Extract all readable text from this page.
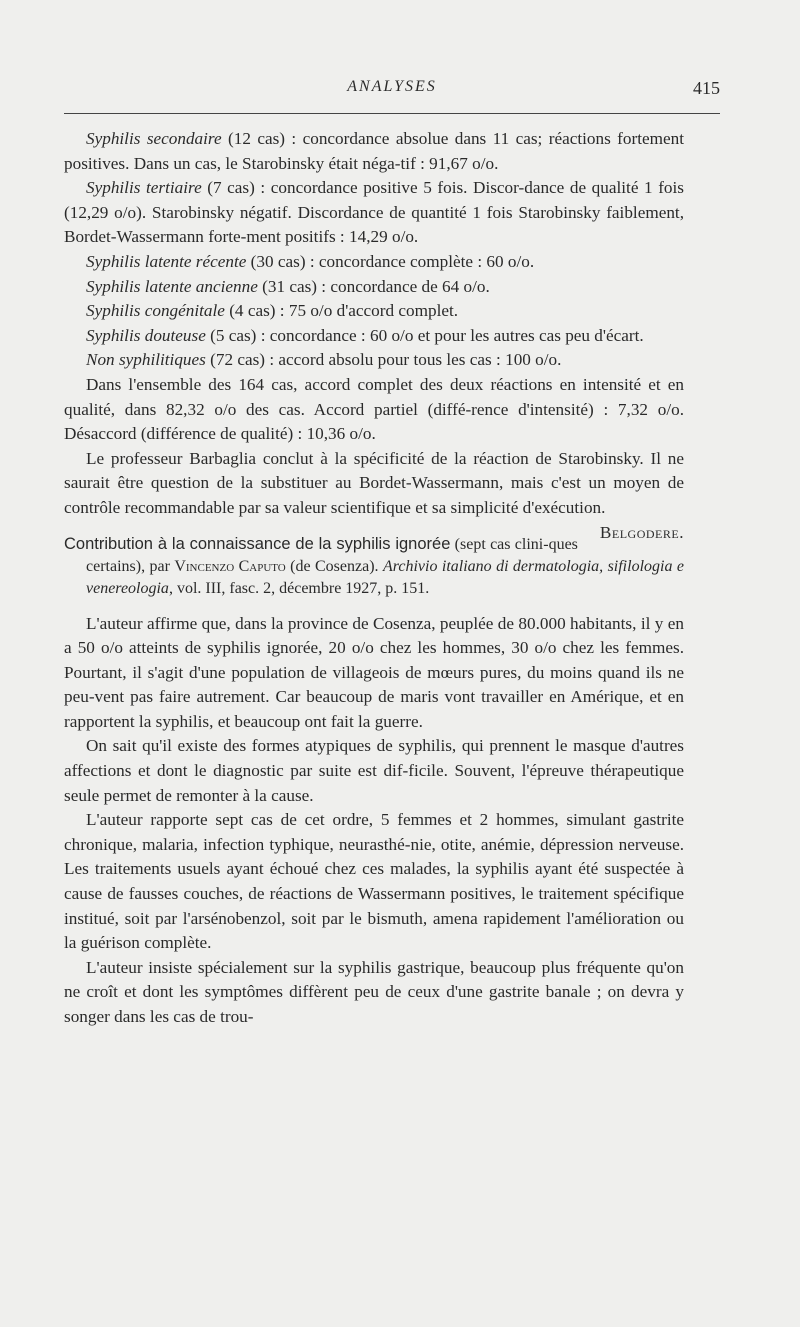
ANALYSES	415

Syphilis secondaire (12 cas) : concordance absolue dans 11 cas; réactions fortement positives. Dans un cas, le Starobinsky était néga-tif : 91,67 o/o.

Syphilis tertiaire (7 cas) : concordance positive 5 fois. Discor-dance de qualité 1 fois (12,29 o/o). Starobinsky négatif. Discordance de quantité 1 fois Starobinsky faiblement, Bordet-Wassermann forte-ment positifs : 14,29 o/o.

Syphilis latente récente (30 cas) : concordance complète : 60 o/o.

Syphilis latente ancienne (31 cas) : concordance de 64 o/o.

Syphilis congénitale (4 cas) : 75 o/o d'accord complet.

Syphilis douteuse (5 cas) : concordance : 60 o/o et pour les autres cas peu d'écart.

Non syphilitiques (72 cas) : accord absolu pour tous les cas : 100 o/o.

Dans l'ensemble des 164 cas, accord complet des deux réactions en intensité et en qualité, dans 82,32 o/o des cas. Accord partiel (diffé-rence d'intensité) : 7,32 o/o. Désaccord (différence de qualité) : 10,36 o/o.

Le professeur Barbaglia conclut à la spécificité de la réaction de Starobinsky. Il ne saurait être question de la substituer au Bordet-Wassermann, mais c'est un moyen de contrôle recommandable par sa valeur scientifique et sa simplicité d'exécution.
Belgodere.

Contribution à la connaissance de la syphilis ignorée (sept cas clini-ques certains), par Vincenzo Caputo (de Cosenza). Archivio italiano di dermatologia, sifilologia e venereologia, vol. III, fasc. 2, décembre 1927, p. 151.

L'auteur affirme que, dans la province de Cosenza, peuplée de 80.000 habitants, il y en a 50 o/o atteints de syphilis ignorée, 20 o/o chez les hommes, 30 o/o chez les femmes. Pourtant, il s'agit d'une population de villageois de mœurs pures, du moins quand ils ne peu-vent pas faire autrement. Car beaucoup de maris vont travailler en Amérique, et en rapportent la syphilis, et beaucoup ont fait la guerre.

On sait qu'il existe des formes atypiques de syphilis, qui prennent le masque d'autres affections et dont le diagnostic par suite est dif-ficile. Souvent, l'épreuve thérapeutique seule permet de remonter à la cause.

L'auteur rapporte sept cas de cet ordre, 5 femmes et 2 hommes, simulant gastrite chronique, malaria, infection typhique, neurasthé-nie, otite, anémie, dépression nerveuse. Les traitements usuels ayant échoué chez ces malades, la syphilis ayant été suspectée à cause de fausses couches, de réactions de Wassermann positives, le traitement spécifique institué, soit par l'arsénobenzol, soit par le bismuth, amena rapidement l'amélioration ou la guérison complète.

L'auteur insiste spécialement sur la syphilis gastrique, beaucoup plus fréquente qu'on ne croît et dont les symptômes diffèrent peu de ceux d'une gastrite banale ; on devra y songer dans les cas de trou-
